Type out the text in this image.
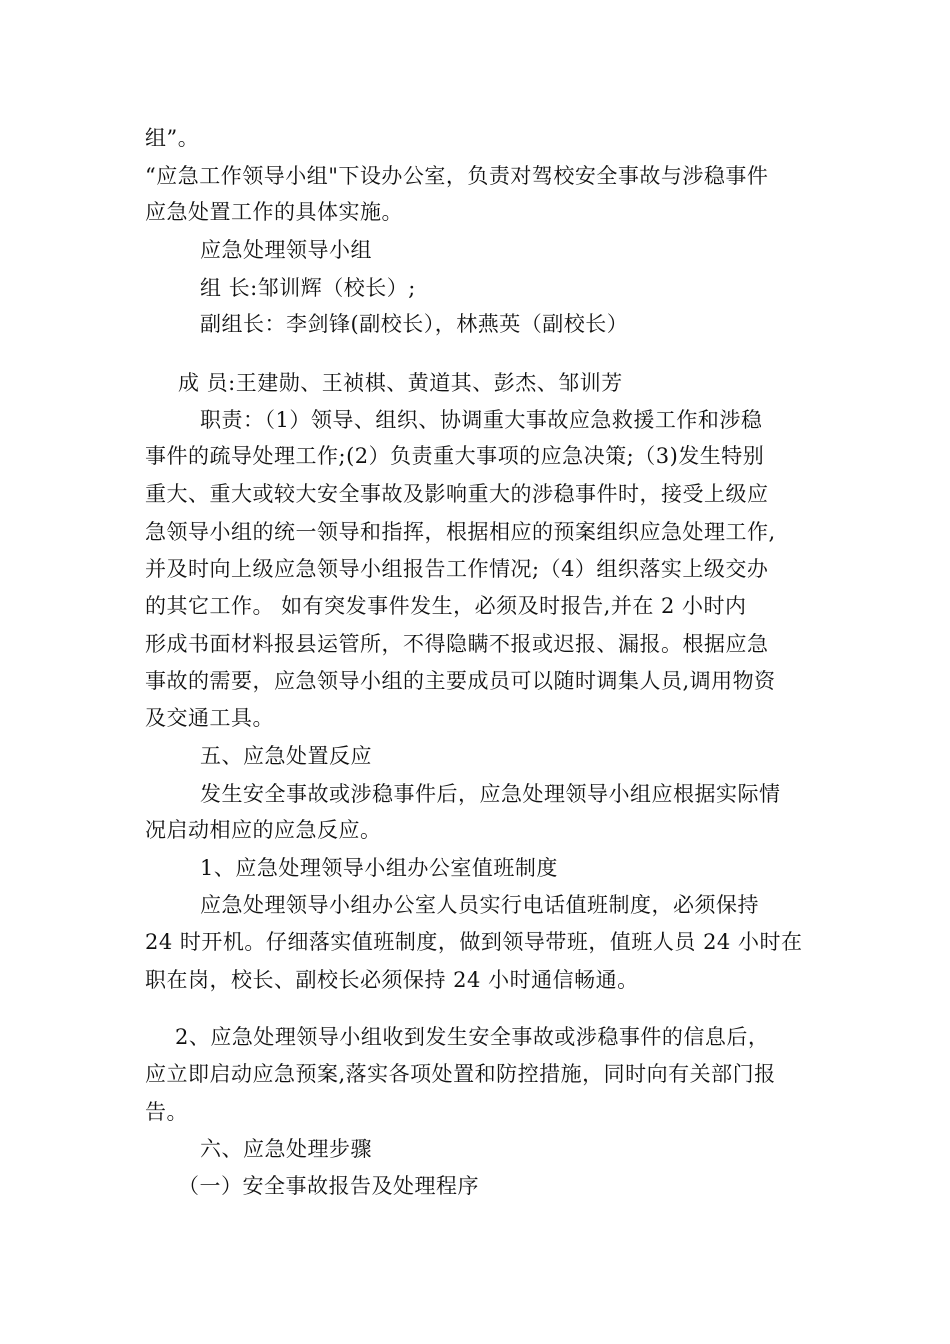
组”。
“应急工作领导小组"下设办公室，负责对驾校安全事故与涉稳事件
应急处置工作的具体实施。
应急处理领导小组
组 长:邹训辉（校长）;
副组长：李剑锋(副校长），林燕英（副校长）
成 员:王建勋、王祯棋、黄道其、彭杰、邹训芳
职责：（1）领导、组织、协调重大事故应急救援工作和涉稳
事件的疏导处理工作;(2）负责重大事项的应急决策;（3)发生特别
重大、重大或较大安全事故及影响重大的涉稳事件时，接受上级应
急领导小组的统一领导和指挥，根据相应的预案组织应急处理工作,
并及时向上级应急领导小组报告工作情况;（4）组织落实上级交办
的其它工作。 如有突发事件发生，必须及时报告,并在 2 小时内
形成书面材料报县运管所，不得隐瞒不报或迟报、漏报。根据应急
事故的需要，应急领导小组的主要成员可以随时调集人员,调用物资
及交通工具。
五、应急处置反应
发生安全事故或涉稳事件后，应急处理领导小组应根据实际情
况启动相应的应急反应。
1、应急处理领导小组办公室值班制度
应急处理领导小组办公室人员实行电话值班制度，必须保持
24 时开机。仔细落实值班制度，做到领导带班，值班人员 24 小时在
职在岗，校长、副校长必须保持 24 小时通信畅通。
2、应急处理领导小组收到发生安全事故或涉稳事件的信息后，
应立即启动应急预案,落实各项处置和防控措施，同时向有关部门报
告。
六、应急处理步骤
（一）安全事故报告及处理程序
